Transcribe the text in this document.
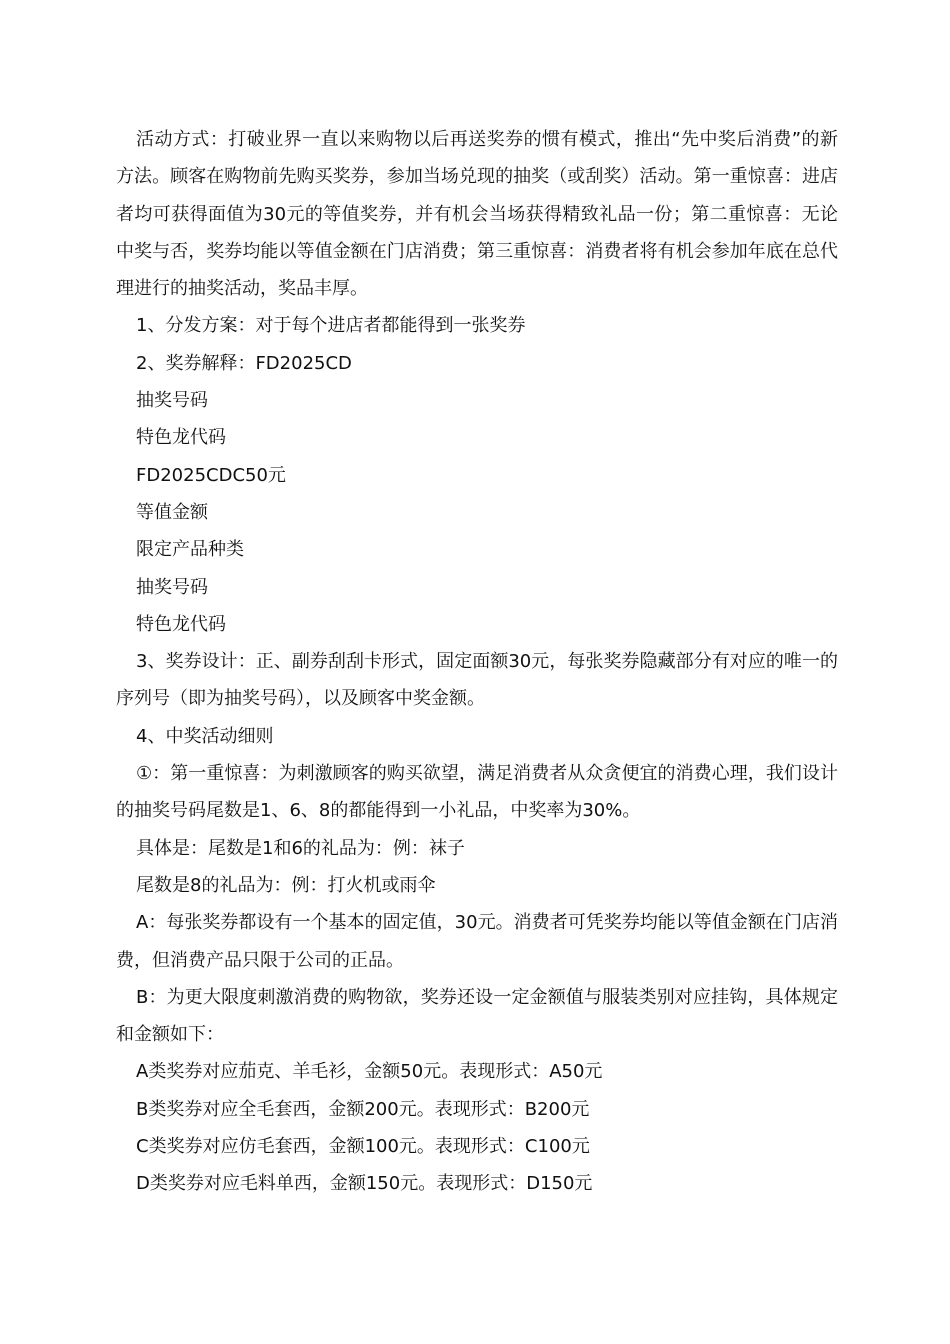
活动方式：打破业界一直以来购物以后再送奖券的惯有模式，推出“先中奖后消费”的新方法。顾客在购物前先购买奖券，参加当场兑现的抽奖（或刮奖）活动。第一重惊喜：进店者均可获得面值为30元的等值奖券，并有机会当场获得精致礼品一份；第二重惊喜：无论中奖与否，奖券均能以等值金额在门店消费；第三重惊喜：消费者将有机会参加年底在总代理进行的抽奖活动，奖品丰厚。

1、分发方案：对于每个进店者都能得到一张奖券

2、奖券解释：FD2025CD

抽奖号码

特色龙代码

FD2025CDC50元

等值金额

限定产品种类

抽奖号码

特色龙代码

3、奖券设计：正、副券刮刮卡形式，固定面额30元，每张奖券隐藏部分有对应的唯一的序列号（即为抽奖号码），以及顾客中奖金额。

4、中奖活动细则

①：第一重惊喜：为刺激顾客的购买欲望，满足消费者从众贪便宜的消费心理，我们设计的抽奖号码尾数是1、6、8的都能得到一小礼品，中奖率为30%。

具体是：尾数是1和6的礼品为：例：袜子

尾数是8的礼品为：例：打火机或雨伞

A：每张奖券都设有一个基本的固定值，30元。消费者可凭奖券均能以等值金额在门店消费，但消费产品只限于公司的正品。

B：为更大限度刺激消费的购物欲，奖券还设一定金额值与服装类别对应挂钩，具体规定和金额如下：

A类奖券对应茄克、羊毛衫，金额50元。表现形式：A50元

B类奖券对应全毛套西，金额200元。表现形式：B200元

C类奖券对应仿毛套西，金额100元。表现形式：C100元

D类奖券对应毛料单西，金额150元。表现形式：D150元
